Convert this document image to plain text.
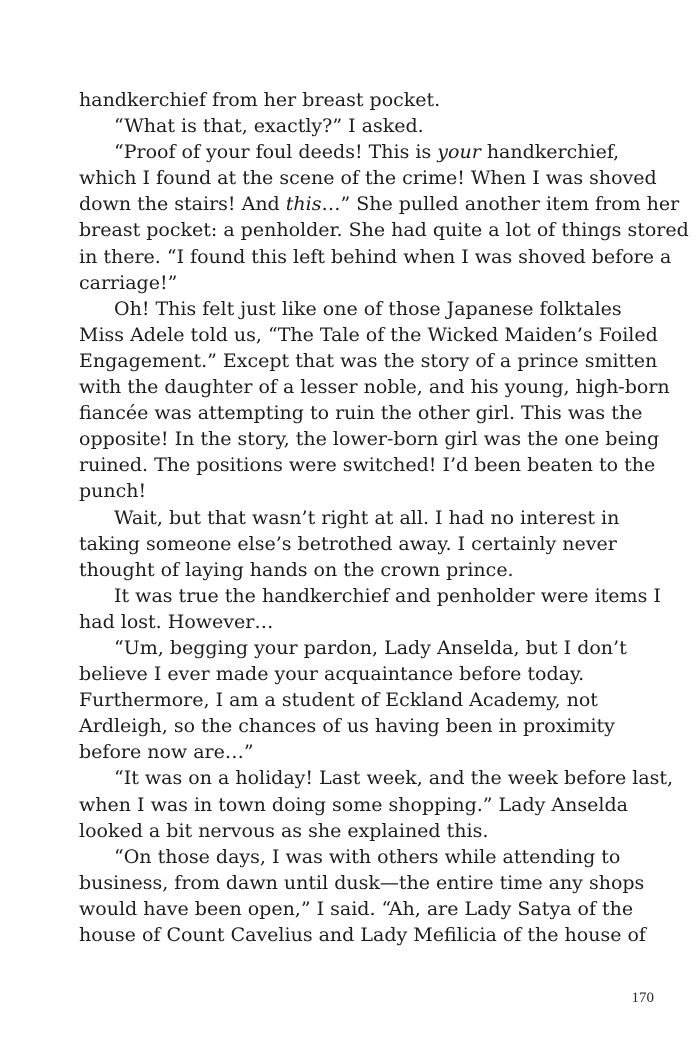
handkerchief from her breast pocket.
“What is that, exactly?” I asked.
“Proof of your foul deeds! This is your handkerchief,
which I found at the scene of the crime! When I was shoved
down the stairs! And this…” She pulled another item from her
breast pocket: a penholder. She had quite a lot of things stored
in there. “I found this left behind when I was shoved before a
carriage!”
Oh! This felt just like one of those Japanese folktales
Miss Adele told us, “The Tale of the Wicked Maiden’s Foiled
Engagement.” Except that was the story of a prince smitten
with the daughter of a lesser noble, and his young, high-born
fiancée was attempting to ruin the other girl. This was the
opposite! In the story, the lower-born girl was the one being
ruined. The positions were switched! I’d been beaten to the
punch!
Wait, but that wasn’t right at all. I had no interest in
taking someone else’s betrothed away. I certainly never
thought of laying hands on the crown prince.
It was true the handkerchief and penholder were items I
had lost. However…
“Um, begging your pardon, Lady Anselda, but I don’t
believe I ever made your acquaintance before today.
Furthermore, I am a student of Eckland Academy, not
Ardleigh, so the chances of us having been in proximity
before now are…”
“It was on a holiday! Last week, and the week before last,
when I was in town doing some shopping.” Lady Anselda
looked a bit nervous as she explained this.
“On those days, I was with others while attending to
business, from dawn until dusk—the entire time any shops
would have been open,” I said. “Ah, are Lady Satya of the
house of Count Cavelius and Lady Mefilicia of the house of
170
